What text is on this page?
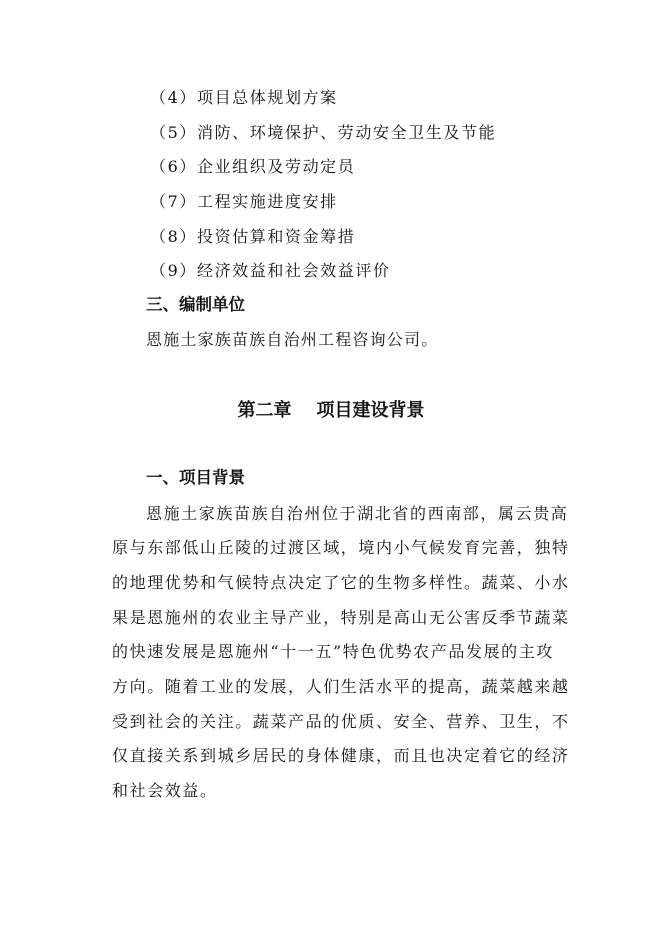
（4）项目总体规划方案
（5）消防、环境保护、劳动安全卫生及节能
（6）企业组织及劳动定员
（7）工程实施进度安排
（8）投资估算和资金筹措
（9）经济效益和社会效益评价
三、编制单位
恩施土家族苗族自治州工程咨询公司。
第二章    项目建设背景
一、项目背景
恩施土家族苗族自治州位于湖北省的西南部，属云贵高
原与东部低山丘陵的过渡区域，境内小气候发育完善，独特
的地理优势和气候特点决定了它的生物多样性。蔬菜、小水
果是恩施州的农业主导产业，特别是高山无公害反季节蔬菜
的快速发展是恩施州“十一五”特色优势农产品发展的主攻
方向。随着工业的发展，人们生活水平的提高，蔬菜越来越
受到社会的关注。蔬菜产品的优质、安全、营养、卫生，不
仅直接关系到城乡居民的身体健康，而且也决定着它的经济
和社会效益。
